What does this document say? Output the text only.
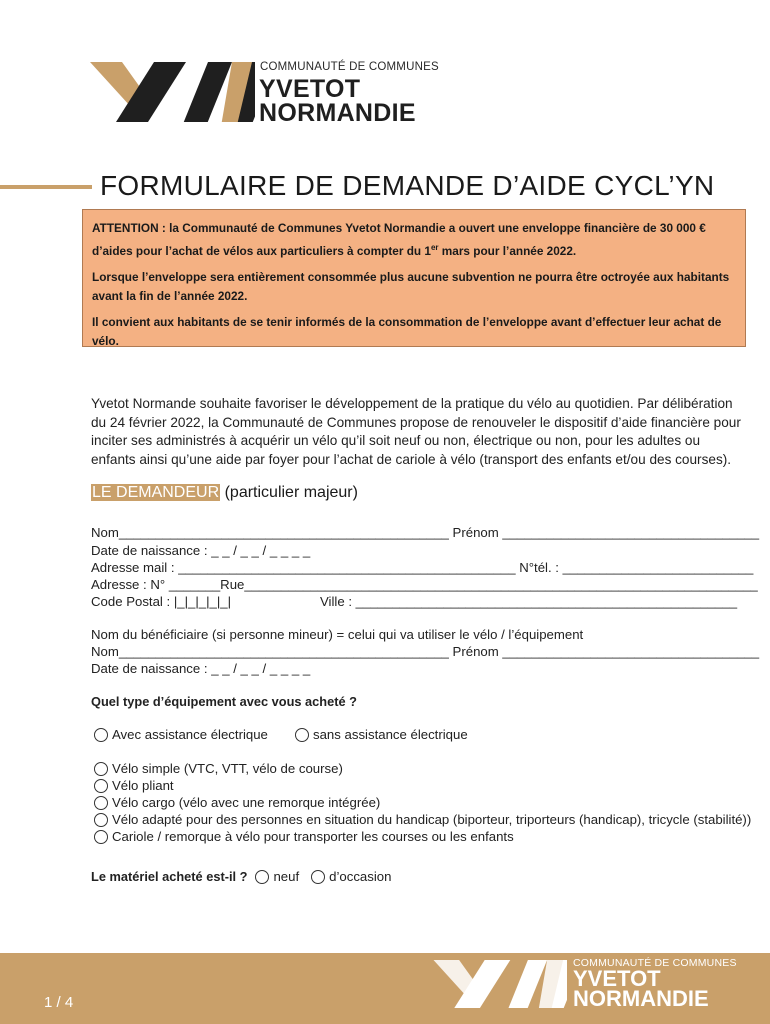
COMMUNAUTÉ DE COMMUNES
YVETOT
NORMANDIE
FORMULAIRE DE DEMANDE D’AIDE CYCL’YN

ATTENTION : la Communauté de Communes Yvetot Normandie a ouvert une enveloppe financière de 30 000 € d’aides pour l’achat de vélos aux particuliers à compter du 1er mars pour l’année 2022.

Lorsque l’enveloppe sera entièrement consommée plus aucune subvention ne pourra être octroyée aux habitants avant la fin de l’année 2022.

Il convient aux habitants de se tenir informés de la consommation de l’enveloppe avant d’effectuer leur achat de vélo.

Yvetot Normande souhaite favoriser le développement de la pratique du vélo au quotidien. Par délibération du 24 février 2022, la Communauté de Communes propose de renouveler le dispositif d’aide financière pour inciter ses administrés à acquérir un vélo qu’il soit neuf ou non, électrique ou non, pour les adultes ou enfants ainsi qu’une aide par foyer pour l’achat de cariole à vélo (transport des enfants et/ou des courses).
LE DEMANDEUR (particulier majeur)
Nom_____________________________________________ Prénom ___________________________________
Date de naissance : _ _ / _ _ / _ _ _ _
Adresse mail : ______________________________________________ N°tél. : __________________________
Adresse : N° _______Rue______________________________________________________________________
Code Postal : |_|_|_|_|_|	Ville : ____________________________________________________
Nom du bénéficiaire (si personne mineur) = celui qui va utiliser le vélo / l’équipement
Nom_____________________________________________ Prénom ___________________________________
Date de naissance : _ _ / _ _ / _ _ _ _
Quel type d’équipement avec vous acheté ?
Avec assistance électrique	sans assistance électrique
Vélo simple (VTC, VTT, vélo de course)
Vélo pliant
Vélo cargo (vélo avec une remorque intégrée)
Vélo adapté pour des personnes en situation du handicap (biporteur, triporteurs (handicap), tricycle (stabilité))
Cariole / remorque à vélo pour transporter les courses ou les enfants
Le matériel acheté est-il ? neuf d’occasion
1 / 4
COMMUNAUTÉ DE COMMUNES
YVETOT
NORMANDIE
